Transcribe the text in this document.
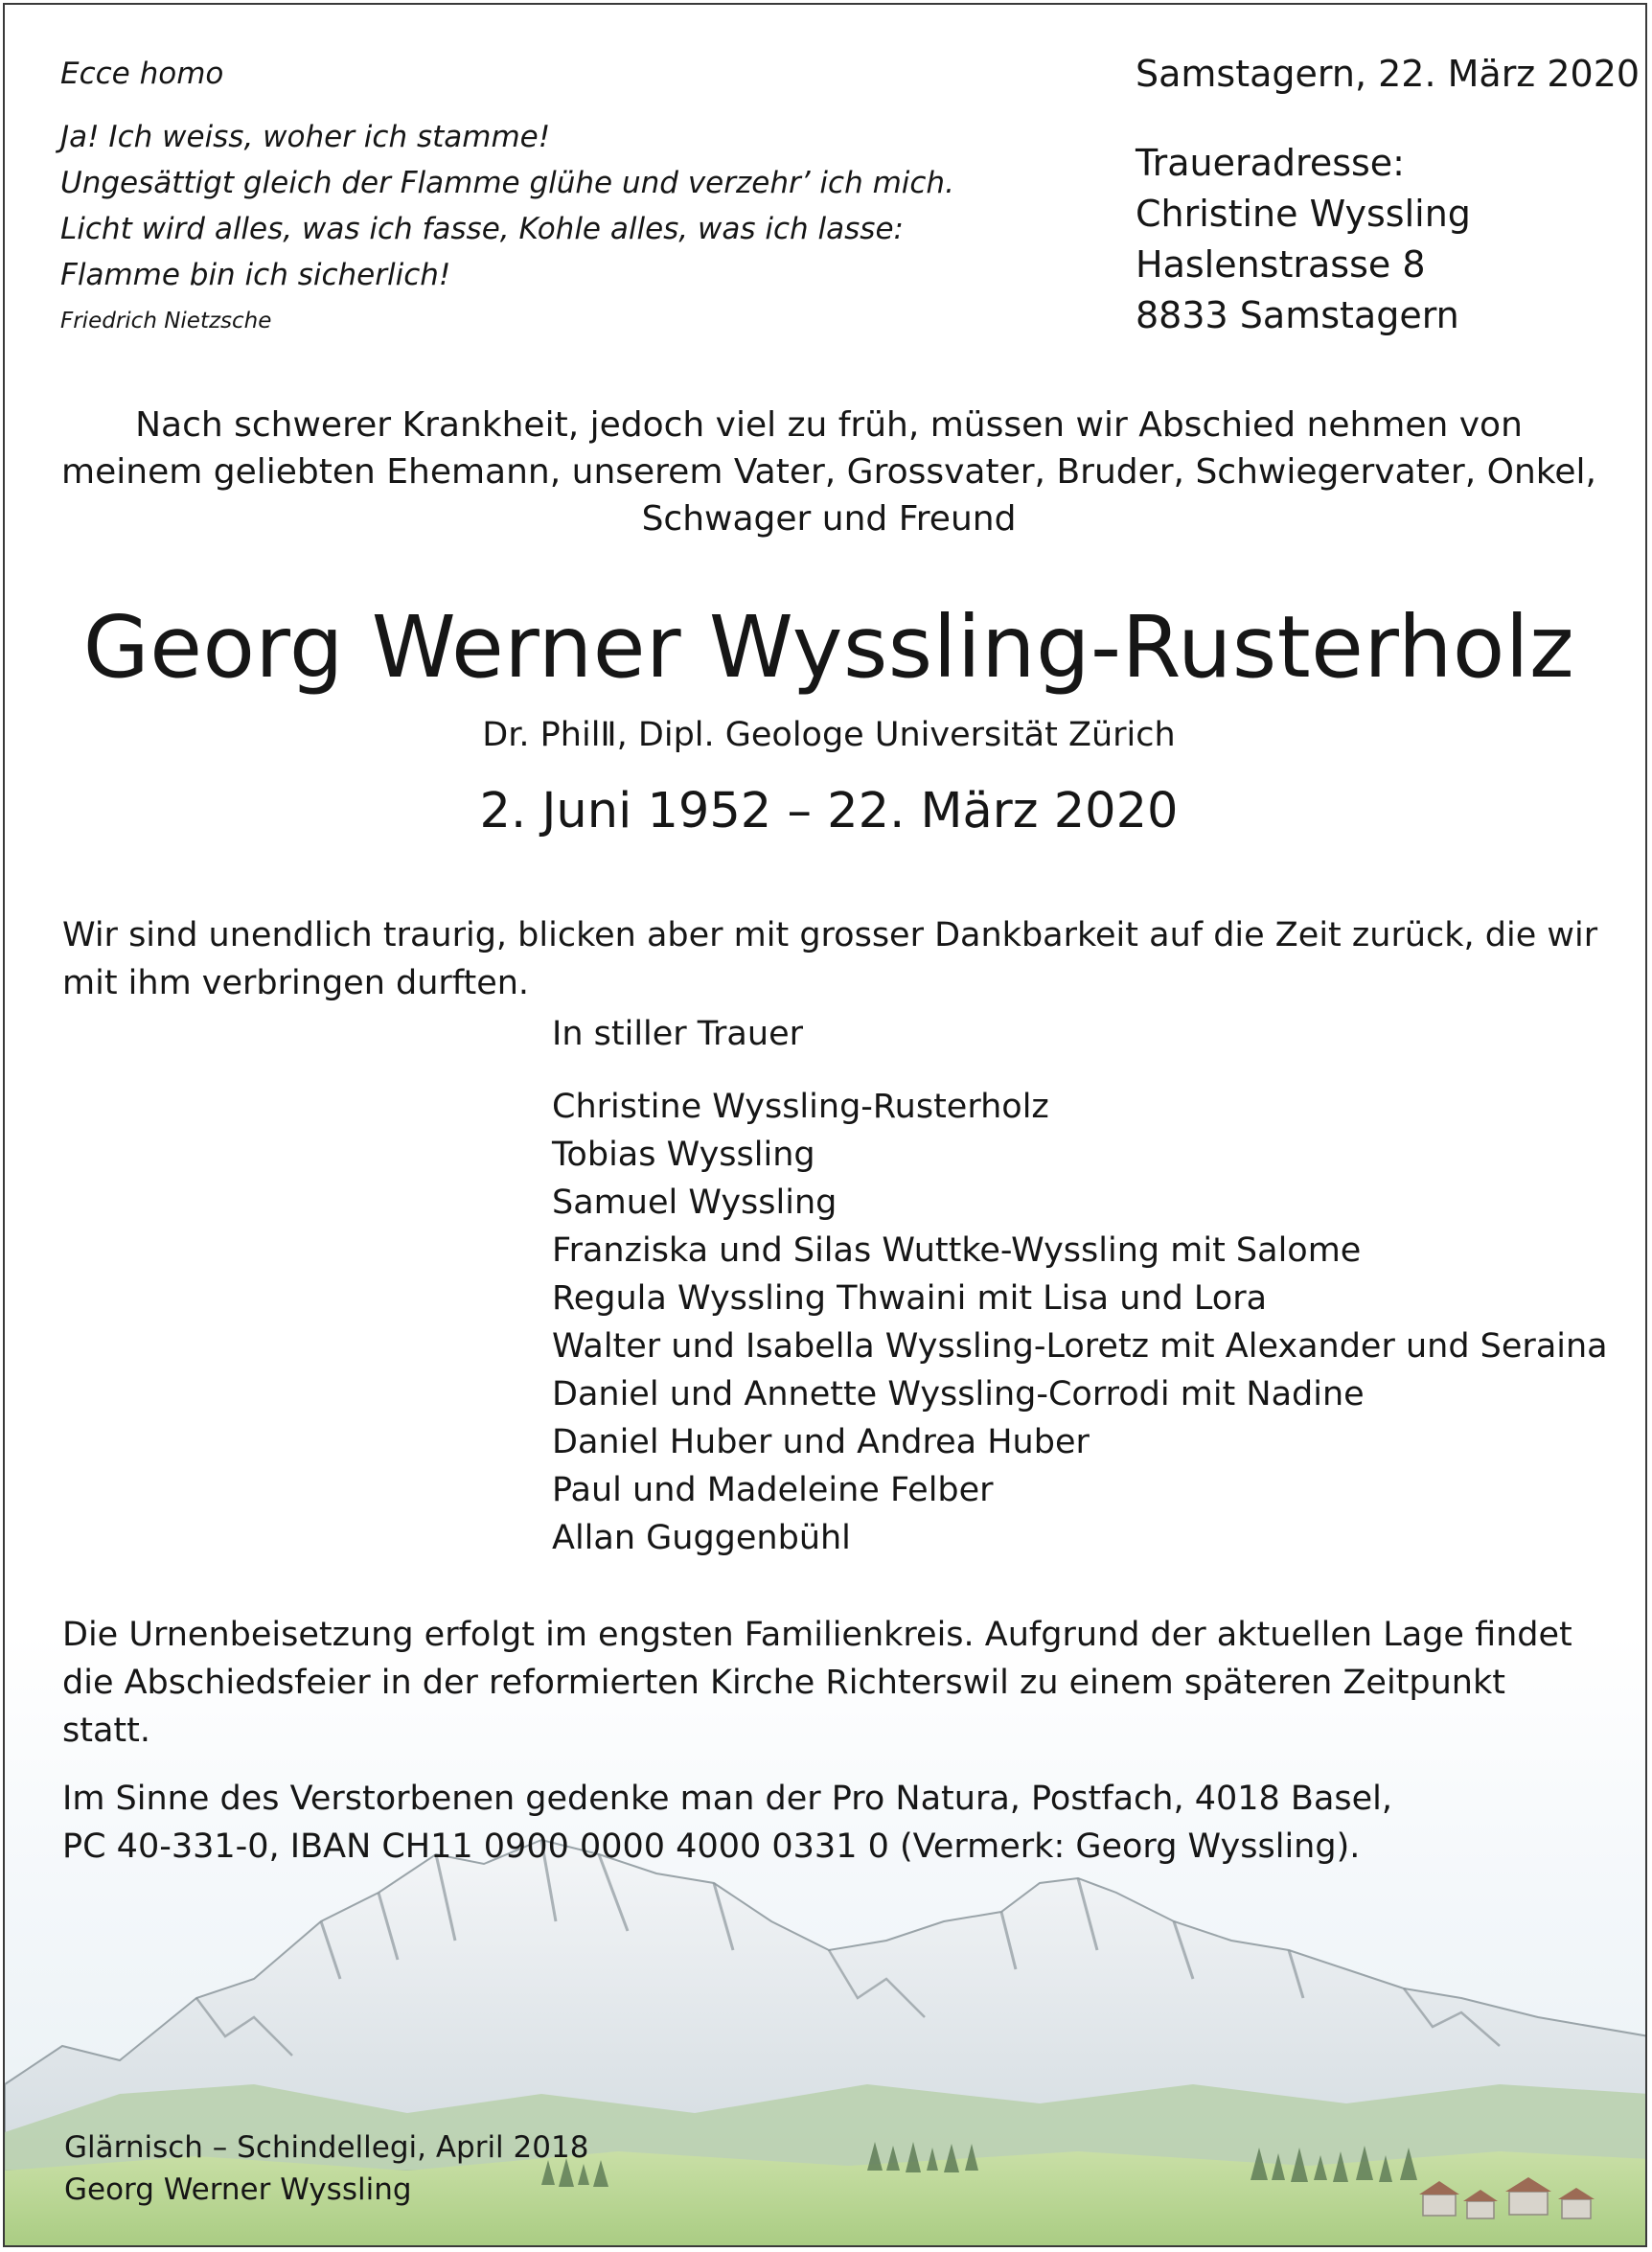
Ecce homo
Ja! Ich weiss, woher ich stamme!
Ungesättigt gleich der Flamme glühe und verzehr’ ich mich.
Licht wird alles, was ich fasse, Kohle alles, was ich lasse:
Flamme bin ich sicherlich!
Friedrich Nietzsche
Samstagern, 22. März 2020
Traueradresse:
Christine Wyssling
Haslenstrasse 8
8833 Samstagern
Nach schwerer Krankheit, jedoch viel zu früh, müssen wir Abschied nehmen von
meinem geliebten Ehemann, unserem Vater, Grossvater, Bruder, Schwiegervater, Onkel,
Schwager und Freund
Georg Werner Wyssling-Rusterholz
Dr. PhilⅡ, Dipl. Geologe Universität Zürich
2. Juni 1952 – 22. März 2020
Wir sind unendlich traurig, blicken aber mit grosser Dankbarkeit auf die Zeit zurück, die wir
mit ihm verbringen durften.
In stiller Trauer
Christine Wyssling-Rusterholz
Tobias Wyssling
Samuel Wyssling
Franziska und Silas Wuttke-Wyssling mit Salome
Regula Wyssling Thwaini mit Lisa und Lora
Walter und Isabella Wyssling-Loretz mit Alexander und Seraina
Daniel und Annette Wyssling-Corrodi mit Nadine
Daniel Huber und Andrea Huber
Paul und Madeleine Felber
Allan Guggenbühl
Die Urnenbeisetzung erfolgt im engsten Familienkreis. Aufgrund der aktuellen Lage findet
die Abschiedsfeier in der reformierten Kirche Richterswil zu einem späteren Zeitpunkt
statt.
Im Sinne des Verstorbenen gedenke man der Pro Natura, Postfach, 4018 Basel,
PC 40-331-0, IBAN CH11 0900 0000 4000 0331 0 (Vermerk: Georg Wyssling).
Glärnisch – Schindellegi, April 2018
Georg Werner Wyssling
